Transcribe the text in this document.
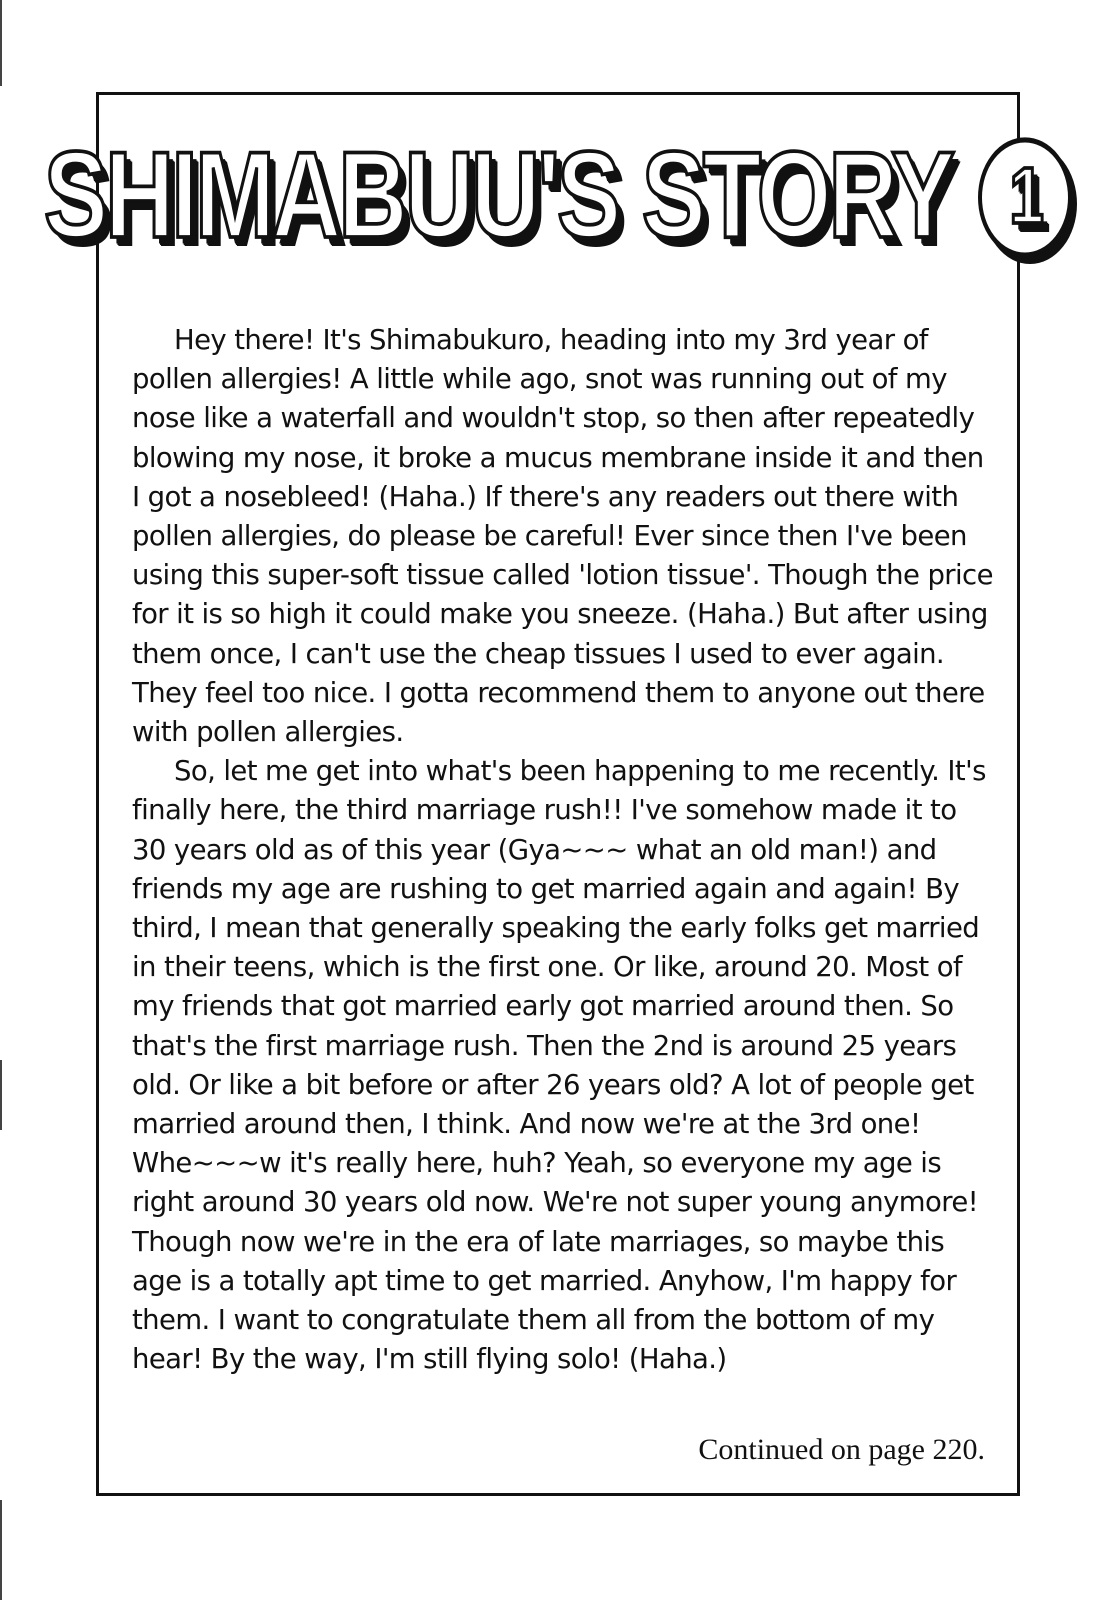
SHIMABUU'S STORY 1

Hey there! It's Shimabukuro, heading into my 3rd year of pollen allergies! A little while ago, snot was running out of my nose like a waterfall and wouldn't stop, so then after repeatedly blowing my nose, it broke a mucus membrane inside it and then I got a nosebleed! (Haha.) If there's any readers out there with pollen allergies, do please be careful! Ever since then I've been using this super-soft tissue called 'lotion tissue'. Though the price for it is so high it could make you sneeze. (Haha.) But after using them once, I can't use the cheap tissues I used to ever again. They feel too nice. I gotta recommend them to anyone out there with pollen allergies.

So, let me get into what's been happening to me recently. It's finally here, the third marriage rush!! I've somehow made it to 30 years old as of this year (Gya~~~ what an old man!) and friends my age are rushing to get married again and again! By third, I mean that generally speaking the early folks get married in their teens, which is the first one. Or like, around 20. Most of my friends that got married early got married around then. So that's the first marriage rush. Then the 2nd is around 25 years old. Or like a bit before or after 26 years old? A lot of people get married around then, I think. And now we're at the 3rd one! Whe~~~w it's really here, huh? Yeah, so everyone my age is right around 30 years old now. We're not super young anymore! Though now we're in the era of late marriages, so maybe this age is a totally apt time to get married. Anyhow, I'm happy for them. I want to congratulate them all from the bottom of my hear! By the way, I'm still flying solo! (Haha.)

Continued on page 220.
